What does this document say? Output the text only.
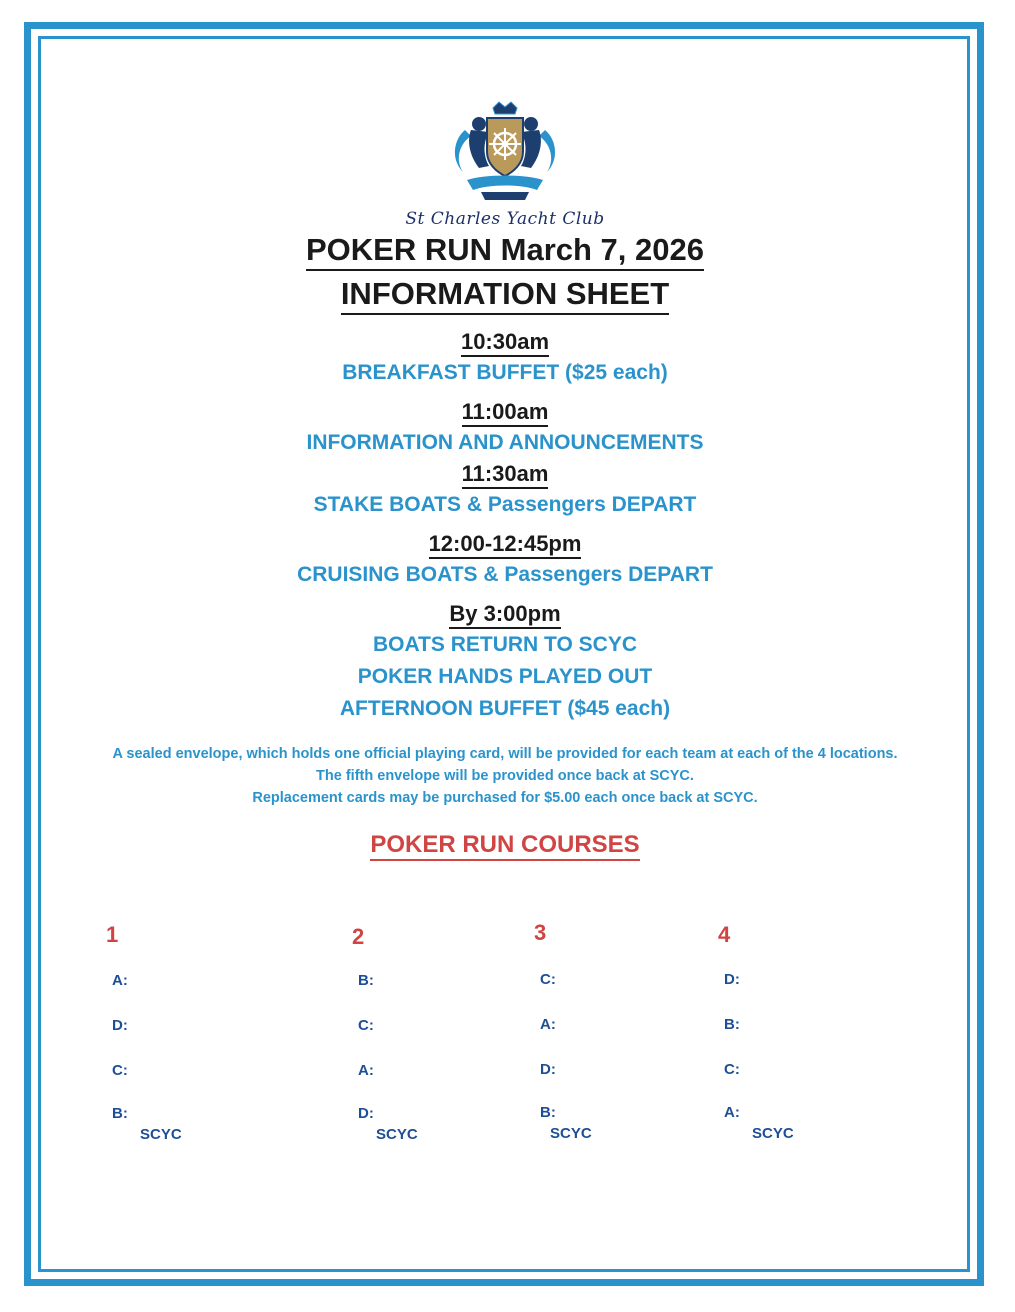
St Charles Yacht Club
POKER RUN March 7, 2026
INFORMATION SHEET
10:30am
BREAKFAST BUFFET ($25 each)
11:00am
INFORMATION AND ANNOUNCEMENTS
11:30am
STAKE BOATS & Passengers DEPART
12:00-12:45pm
CRUISING BOATS & Passengers DEPART
By 3:00pm
BOATS RETURN TO SCYC
POKER HANDS PLAYED OUT
AFTERNOON BUFFET ($45 each)
A sealed envelope, which holds one official playing card, will be provided for each team at each of the 4 locations.
The fifth envelope will be provided once back at SCYC.
Replacement cards may be purchased for $5.00 each once back at SCYC.
POKER RUN COURSES
1
A:
D:
C:
B:
SCYC
2
B:
C:
A:
D:
SCYC
3
C:
A:
D:
B:
SCYC
4
D:
B:
C:
A:
SCYC
